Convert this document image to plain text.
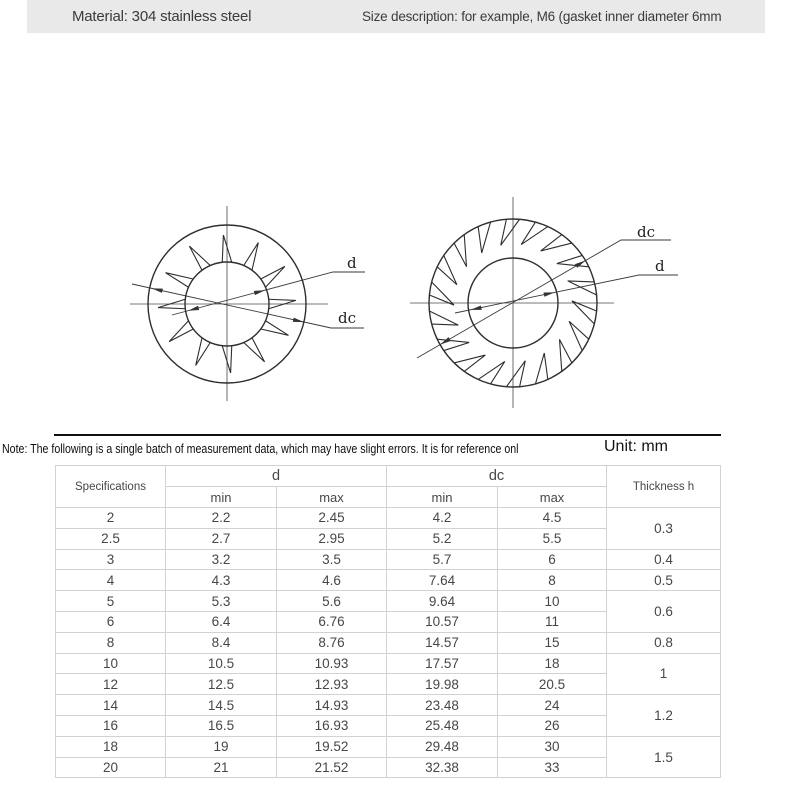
Material: 304 stainless steel	Size description: for example, M6 (gasket inner diameter 6mm
d
dc
dc
d
Note: The following is a single batch of measurement data, which may have slight errors. It is for reference onl	Unit: mm
Specifications	d		dc		Thickness h
	min	max	min	max	
2	2.2	2.45	4.2	4.5	0.3
2.5	2.7	2.95	5.2	5.5	
3	3.2	3.5	5.7	6	0.4
4	4.3	4.6	7.64	8	0.5
5	5.3	5.6	9.64	10	0.6
6	6.4	6.76	10.57	11	
8	8.4	8.76	14.57	15	0.8
10	10.5	10.93	17.57	18	1
12	12.5	12.93	19.98	20.5	
14	14.5	14.93	23.48	24	1.2
16	16.5	16.93	25.48	26	
18	19	19.52	29.48	30	1.5
20	21	21.52	32.38	33	
